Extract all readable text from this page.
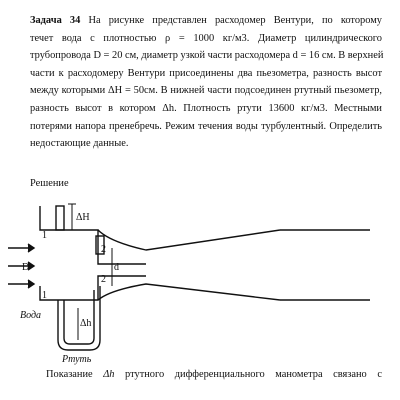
Задача 34 На рисунке представлен расходомер Вентури, по которому
течет вода с плотностью ρ = 1000 кг/м3. Диаметр цилиндрического
трубопровода D = 20 см, диаметр узкой части расходомера d = 16 см. В верхней
части к расходомеру Вентури присоединены два пьезометра, разность высот
между которыми ΔH = 50см. В нижней части подсоединен ртутный пьезометр,
разность высот в котором Δh. Плотность ртути 13600 кг/м3. Местными
потерями напора пренебречь. Режим течения воды турбулентный. Определить
недостающие данные.
Решение
ΔH
D	d
2
2
1
1
Δh
Вода
Ртуть
Показание Δh ртутного дифференциального манометра связано с
